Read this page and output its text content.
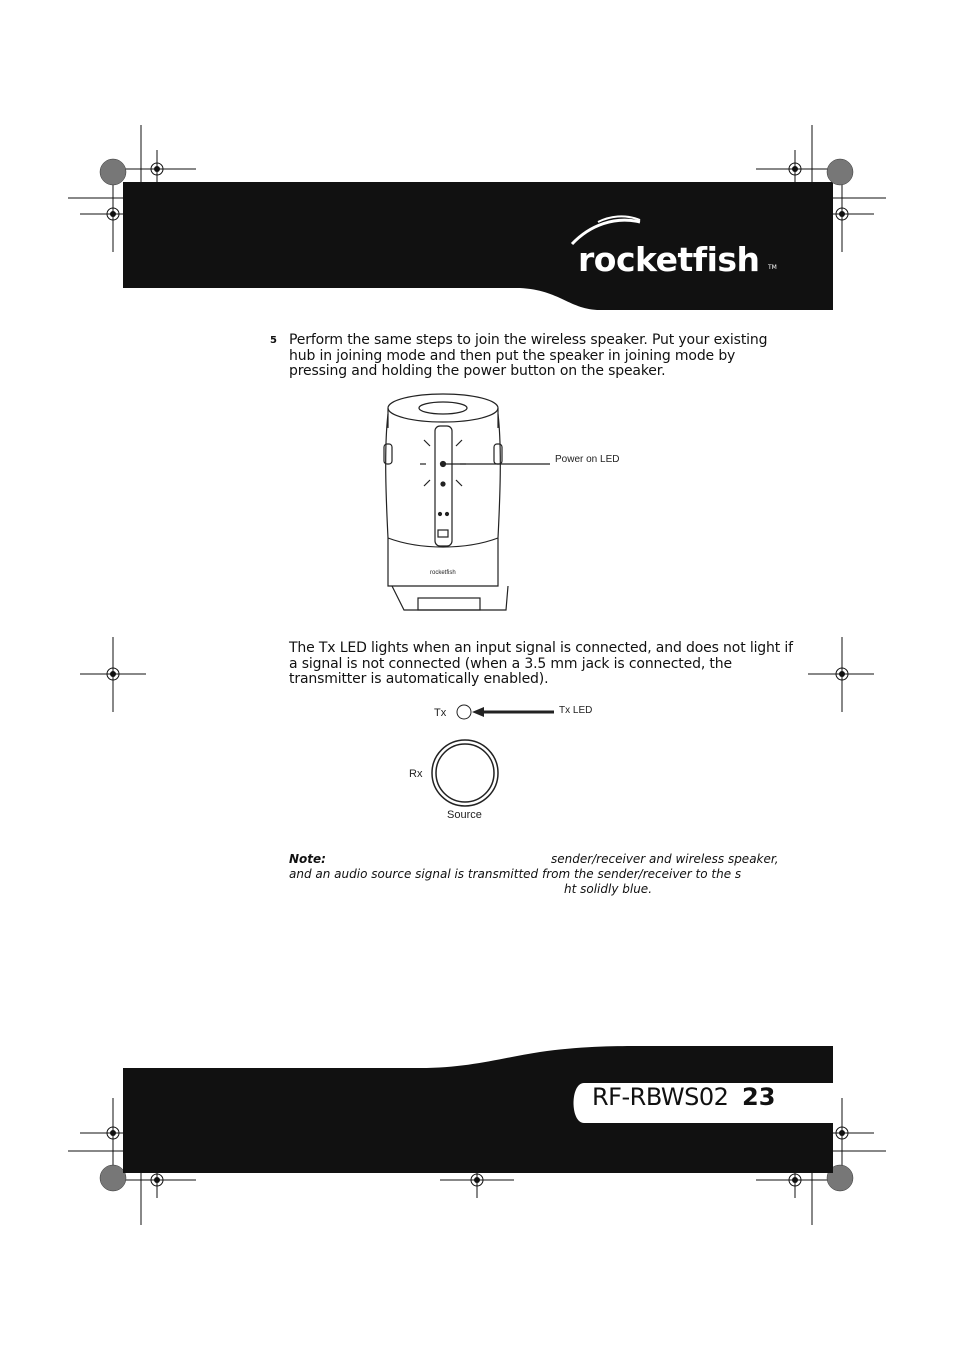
rocketfish TM
5 Perform the same steps to join the wireless speaker. Put your existing
hub in joining mode and then put the speaker in joining mode by
pressing and holding the power button on the speaker.
rocketfish
Power on LED
The Tx LED lights when an input signal is connected, and does not light if
a signal is not connected (when a 3.5 mm jack is connected, the
transmitter is automatically enabled).
Tx	Tx LED
Rx
Source
Note:	sender/receiver and wireless speaker,
and an audio source signal is transmitted from the sender/receiver to the s
ht solidly blue.
RF-RBWS02 23
